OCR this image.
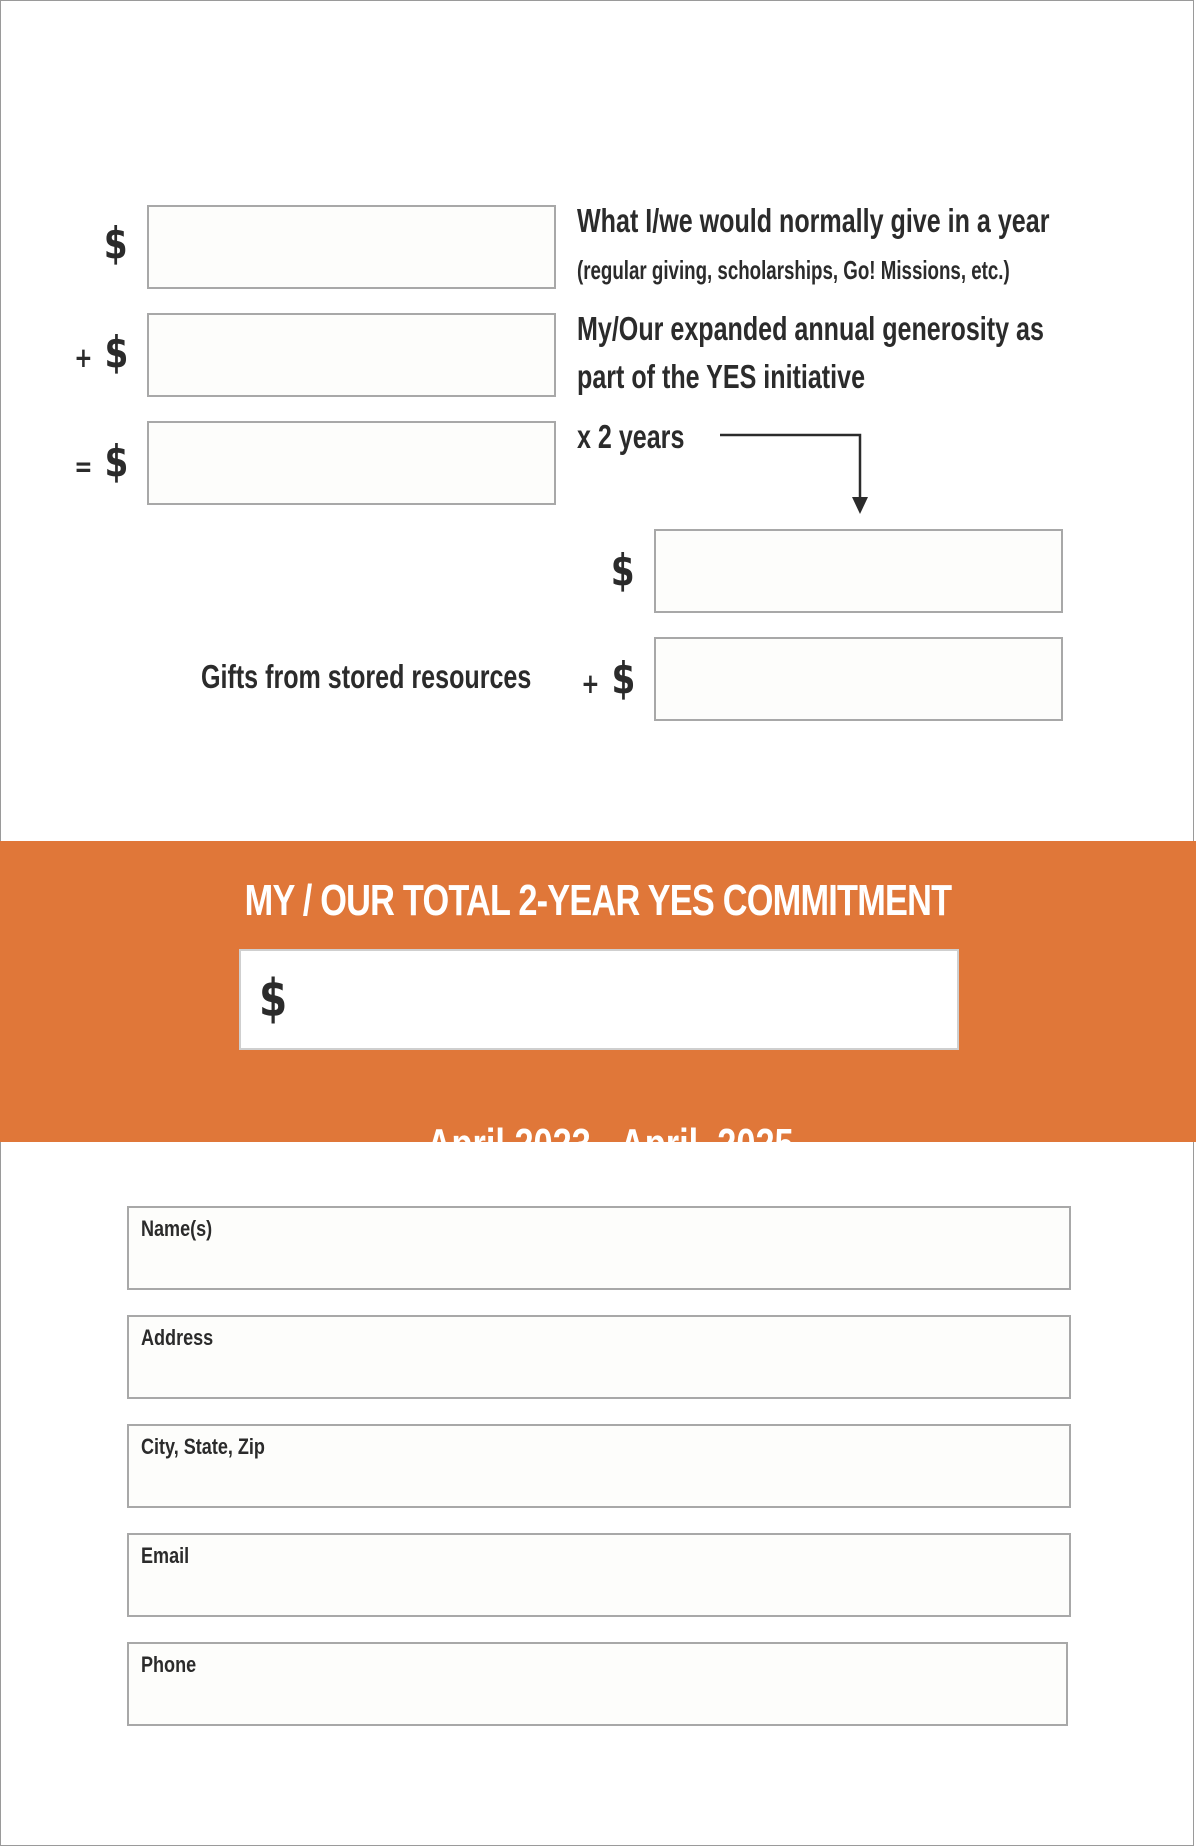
$	What I/we would normally give in a year
(regular giving, scholarships, Go! Missions, etc.)
+ $	My/Our expanded annual generosity as
part of the YES initiative
= $	x 2 years
$
Gifts from stored resources + $
MY / OUR TOTAL 2-YEAR YES COMMITMENT
$

April 2023 - April  2025

Name(s)
Address
City, State, Zip
Email
Phone
